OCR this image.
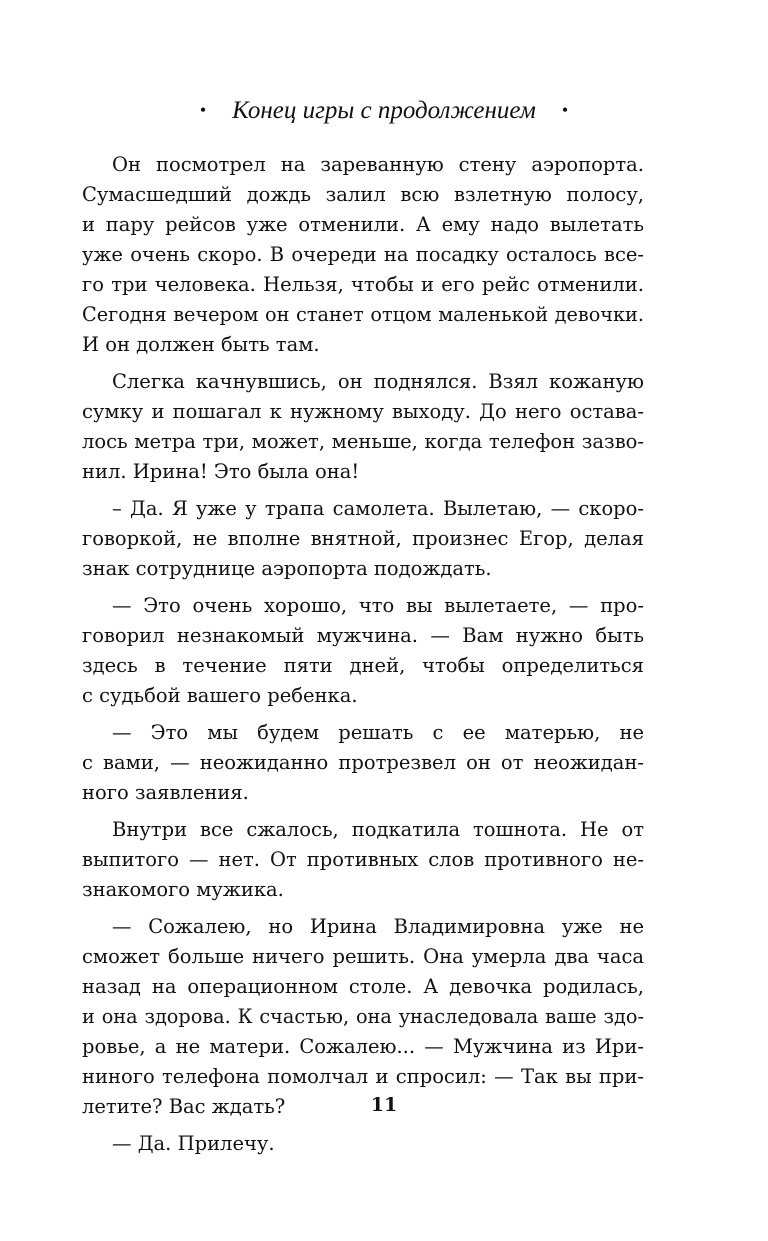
• Конец игры с продолжением •
Он посмотрел на зареванную стену аэропорта.
Сумасшедший дождь залил всю взлетную полосу,
и пару рейсов уже отменили. А ему надо вылетать
уже очень скоро. В очереди на посадку осталось все-
го три человека. Нельзя, чтобы и его рейс отменили.
Сегодня вечером он станет отцом маленькой девочки.
И он должен быть там.
Слегка качнувшись, он поднялся. Взял кожаную
сумку и пошагал к нужному выходу. До него остава-
лось метра три, может, меньше, когда телефон зазво-
нил. Ирина! Это была она!
– Да. Я уже у трапа самолета. Вылетаю, — скоро-
говоркой, не вполне внятной, произнес Егор, делая
знак сотруднице аэропорта подождать.
— Это очень хорошо, что вы вылетаете, — про-
говорил незнакомый мужчина. — Вам нужно быть
здесь в течение пяти дней, чтобы определиться
с судьбой вашего ребенка.
— Это мы будем решать с ее матерью, не
с вами, — неожиданно протрезвел он от неожидан-
ного заявления.
Внутри все сжалось, подкатила тошнота. Не от
выпитого — нет. От противных слов противного не-
знакомого мужика.
— Сожалею, но Ирина Владимировна уже не
сможет больше ничего решить. Она умерла два часа
назад на операционном столе. А девочка родилась,
и она здорова. К счастью, она унаследовала ваше здо-
ровье, а не матери. Сожалею... — Мужчина из Ири-
ниного телефона помолчал и спросил: — Так вы при-
летите? Вас ждать?
— Да. Прилечу.
11
